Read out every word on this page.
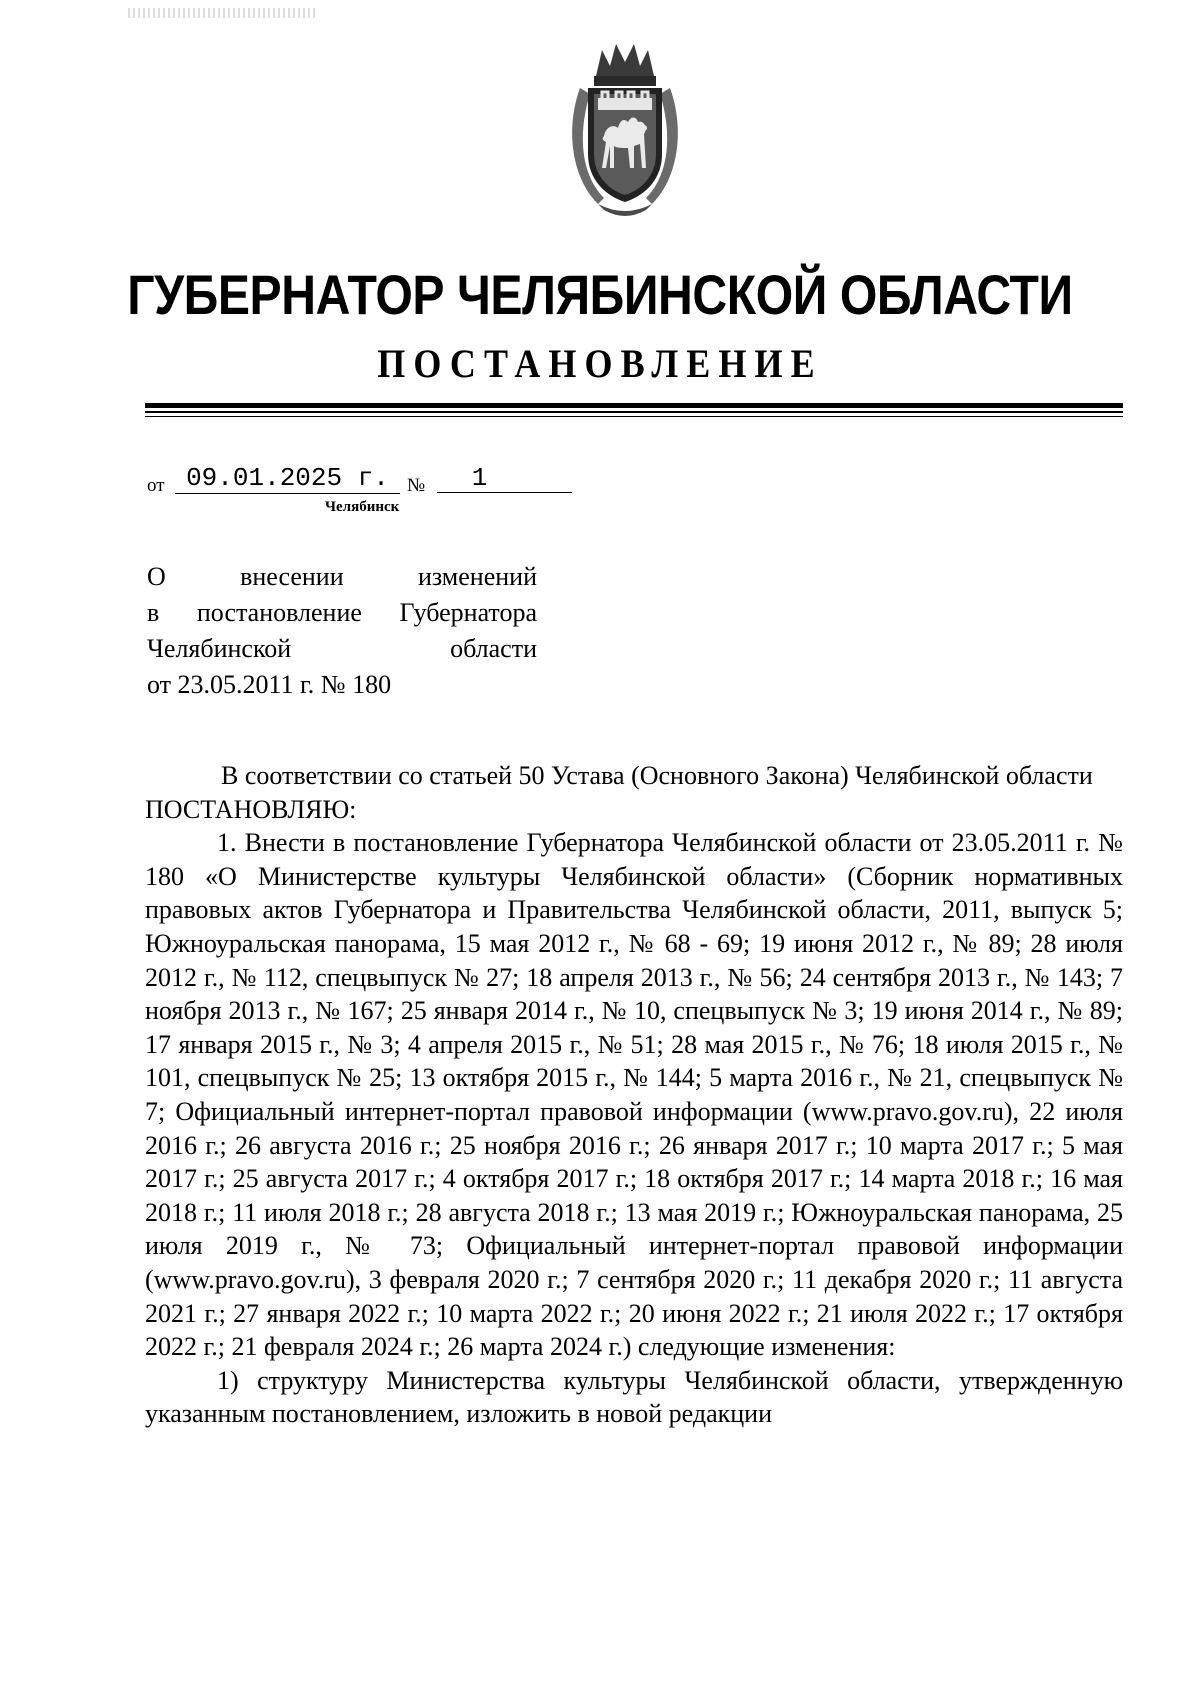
ГУБЕРНАТОР ЧЕЛЯБИНСКОЙ ОБЛАСТИ
ПОСТАНОВЛЕНИЕ
от 09.01.2025 г. №	1
Челябинск
О внесении изменений
в постановление Губернатора
Челябинской области
от 23.05.2011 г. № 180

В соответствии со статьей 50 Устава (Основного Закона) Челябинской области

ПОСТАНОВЛЯЮ:

1. Внести в постановление Губернатора Челябинской области от 23.05.2011 г. № 180 «О Министерстве культуры Челябинской области» (Сборник нормативных правовых актов Губернатора и Правительства Челябинской области, 2011, выпуск 5; Южноуральская панорама, 15 мая 2012 г., № 68 - 69; 19 июня 2012 г., № 89; 28 июля 2012 г., № 112, спецвыпуск № 27; 18 апреля 2013 г., № 56; 24 сентября 2013 г., № 143; 7 ноября 2013 г., № 167; 25 января 2014 г., № 10, спецвыпуск № 3; 19 июня 2014 г., № 89; 17 января 2015 г., № 3; 4 апреля 2015 г., № 51; 28 мая 2015 г., № 76; 18 июля 2015 г., № 101, спецвыпуск № 25; 13 октября 2015 г., № 144; 5 марта 2016 г., № 21, спецвыпуск № 7; Официальный интернет-портал правовой информации (www.pravo.gov.ru), 22 июля 2016 г.; 26 августа 2016 г.; 25 ноября 2016 г.; 26 января 2017 г.; 10 марта 2017 г.; 5 мая 2017 г.; 25 августа 2017 г.; 4 октября 2017 г.; 18 октября 2017 г.; 14 марта 2018 г.; 16 мая 2018 г.; 11 июля 2018 г.; 28 августа 2018 г.; 13 мая 2019 г.; Южноуральская панорама, 25 июля 2019 г., № 73; Официальный интернет-портал правовой информации (www.pravo.gov.ru), 3 февраля 2020 г.; 7 сентября 2020 г.; 11 декабря 2020 г.; 11 августа 2021 г.; 27 января 2022 г.; 10 марта 2022 г.; 20 июня 2022 г.; 21 июля 2022 г.; 17 октября 2022 г.; 21 февраля 2024 г.; 26 марта 2024 г.) следующие изменения:

1) структуру Министерства культуры Челябинской области, утвержденную указанным постановлением, изложить в новой редакции
